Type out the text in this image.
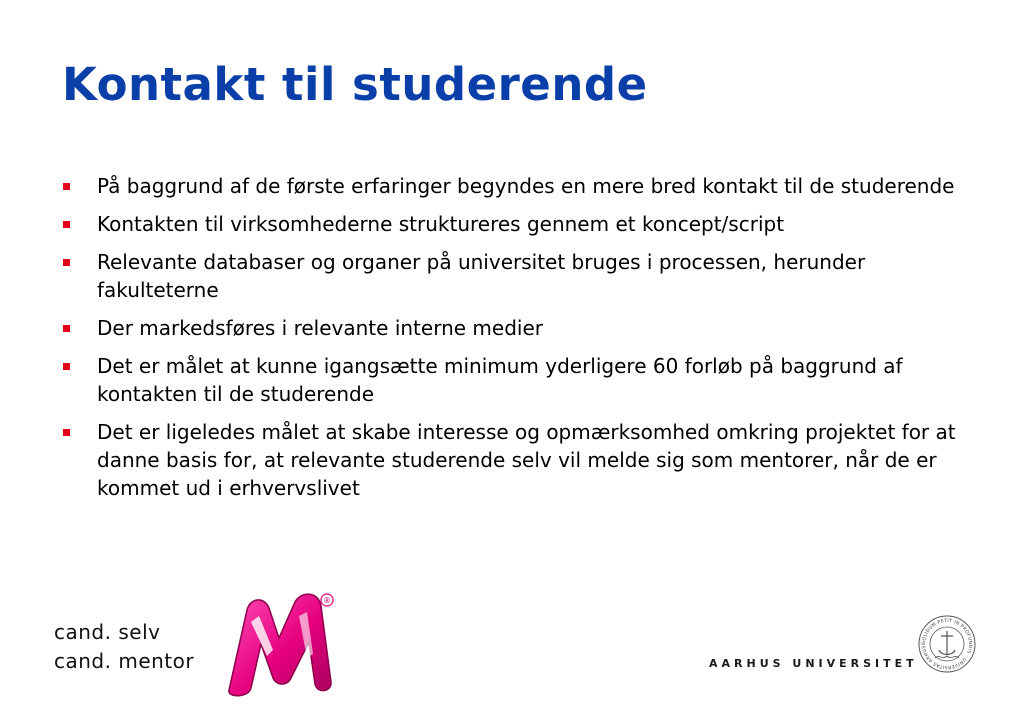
Kontakt til studerende
På baggrund af de første erfaringer begyndes en mere bred kontakt til de studerende
Kontakten til virksomhederne struktureres gennem et koncept/script
Relevante databaser og organer på universitet bruges i processen, herunder fakulteterne
Der markedsføres i relevante interne medier
Det er målet at kunne igangsætte minimum yderligere 60 forløb på baggrund af kontakten til de studerende
Det er ligeledes målet at skabe interesse og opmærksomhed omkring projektet for at danne basis for, at relevante studerende selv vil melde sig som mentorer, når de er kommet ud i erhvervslivet
cand. selv
cand. mentor
®
AARHUS UNIVERSITET
SOLIDUM PETIT IN PROFUNDIS · UNIVERSITAS ARHUSI
